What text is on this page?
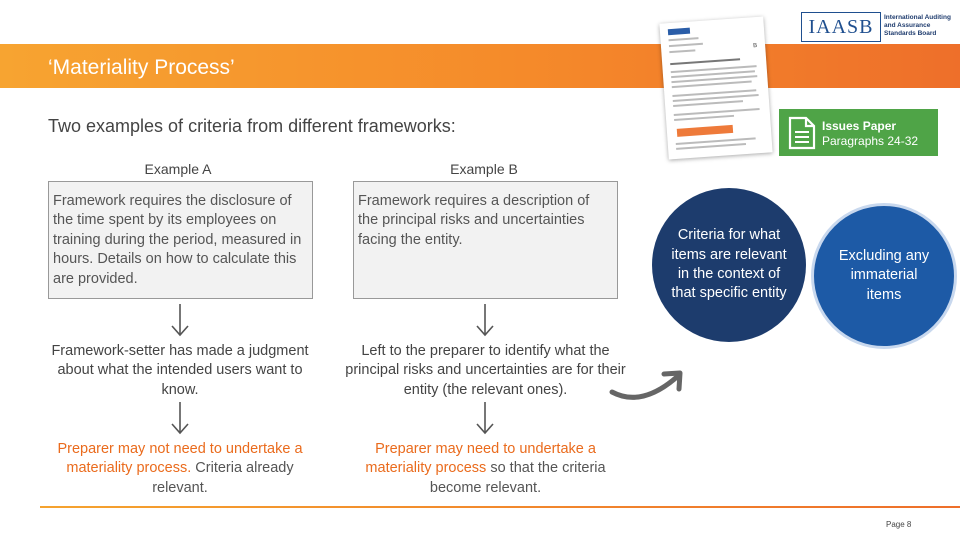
‘Materiality Process’
IAASB	International Auditing and Assurance Standards Board
B
Two examples of criteria from different frameworks:	Issues Paper
Paragraphs 24-32
Example A	Example B
Framework requires the disclosure of the time spent by its employees on training during the period, measured in hours. Details on how to calculate this are provided.
Framework requires a description of the principal risks and uncertainties facing the entity.
Framework-setter has made a judgment about what the intended users want to know.
Left to the preparer to identify what the principal risks and uncertainties are for their entity (the relevant ones).
Preparer may not need to undertake a materiality process. Criteria already relevant.
Preparer may need to undertake a materiality process so that the criteria become relevant.
Criteria for what items are relevant in the context of that specific entity
Excluding any immaterial items
Page 8
